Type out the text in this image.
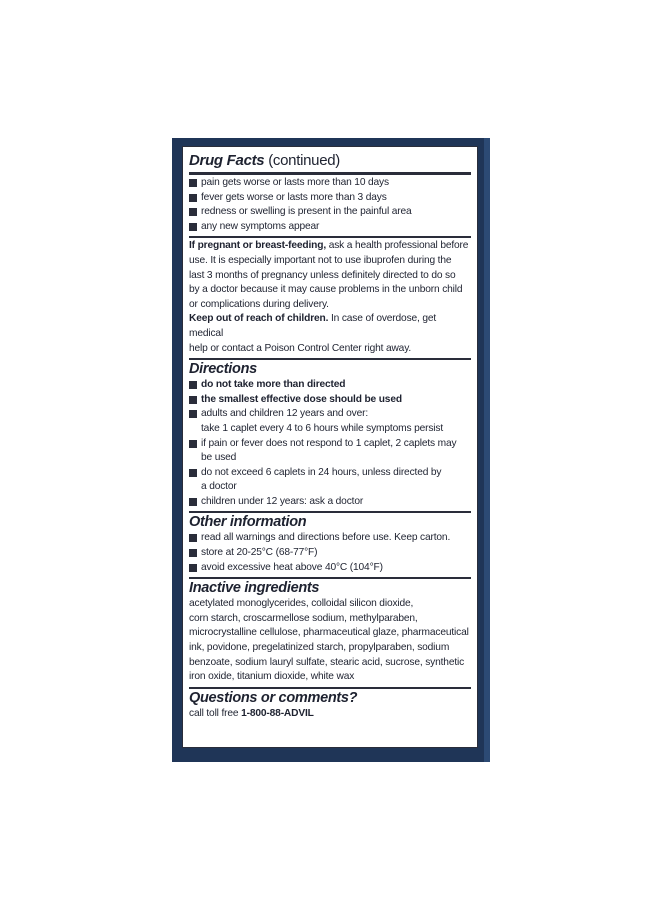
Drug Facts (continued)
pain gets worse or lasts more than 10 days
fever gets worse or lasts more than 3 days
redness or swelling is present in the painful area
any new symptoms appear
If pregnant or breast-feeding, ask a health professional before
use. It is especially important not to use ibuprofen during the
last 3 months of pregnancy unless definitely directed to do so
by a doctor because it may cause problems in the unborn child
or complications during delivery.
Keep out of reach of children. In case of overdose, get medical
help or contact a Poison Control Center right away.
Directions
do not take more than directed
the smallest effective dose should be used
adults and children 12 years and over:
take 1 caplet every 4 to 6 hours while symptoms persist
if pain or fever does not respond to 1 caplet, 2 caplets may
be used
do not exceed 6 caplets in 24 hours, unless directed by
a doctor
children under 12 years: ask a doctor
Other information
read all warnings and directions before use. Keep carton.
store at 20-25°C (68-77°F)
avoid excessive heat above 40°C (104°F)
Inactive ingredients
acetylated monoglycerides, colloidal silicon dioxide,
corn starch, croscarmellose sodium, methylparaben,
microcrystalline cellulose, pharmaceutical glaze, pharmaceutical
ink, povidone, pregelatinized starch, propylparaben, sodium
benzoate, sodium lauryl sulfate, stearic acid, sucrose, synthetic
iron oxide, titanium dioxide, white wax
Questions or comments?
call toll free 1-800-88-ADVIL
